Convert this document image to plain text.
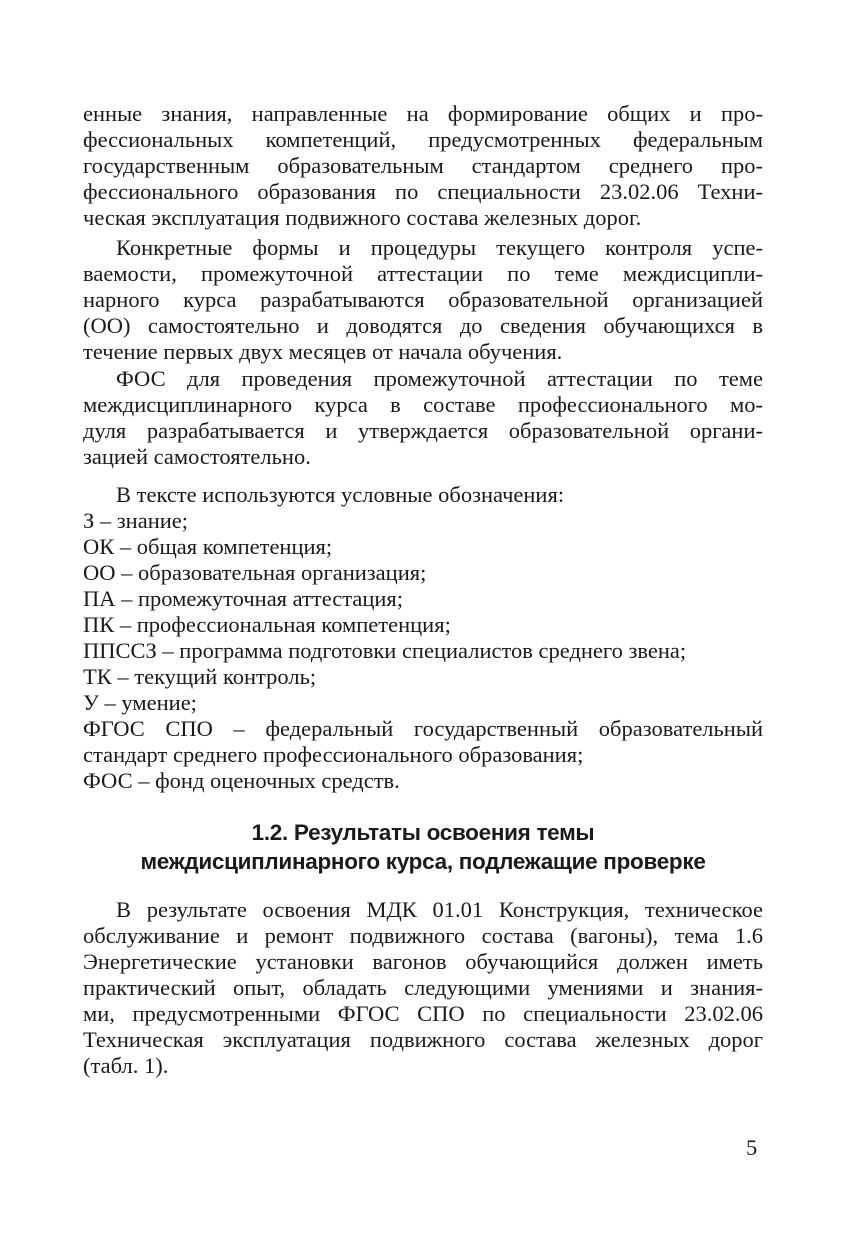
енные знания, направленные на формирование общих и про-
фессиональных компетенций, предусмотренных федеральным
государственным образовательным стандартом среднего про-
фессионального образования по специальности 23.02.06 Техни-
ческая эксплуатация подвижного состава железных дорог.
Конкретные формы и процедуры текущего контроля успе-
ваемости, промежуточной аттестации по теме междисципли-
нарного курса разрабатываются образовательной организацией
(ОО) самостоятельно и доводятся до сведения обучающихся в
течение первых двух месяцев от начала обучения.
ФОС для проведения промежуточной аттестации по теме
междисциплинарного курса в составе профессионального мо-
дуля разрабатывается и утверждается образовательной органи-
зацией самостоятельно.
В тексте используются условные обозначения:
З – знание;
ОК – общая компетенция;
ОО – образовательная организация;
ПА – промежуточная аттестация;
ПК – профессиональная компетенция;
ППССЗ – программа подготовки специалистов среднего звена;
ТК – текущий контроль;
У – умение;
ФГОС СПО – федеральный государственный образовательный
стандарт среднего профессионального образования;
ФОС – фонд оценочных средств.
1.2. Результаты освоения темы
междисциплинарного курса, подлежащие проверке
В результате освоения МДК 01.01 Конструкция, техническое
обслуживание и ремонт подвижного состава (вагоны), тема 1.6
Энергетические установки вагонов обучающийся должен иметь
практический опыт, обладать следующими умениями и знания-
ми, предусмотренными ФГОС СПО по специальности 23.02.06
Техническая эксплуатация подвижного состава железных дорог
(табл. 1).
5
